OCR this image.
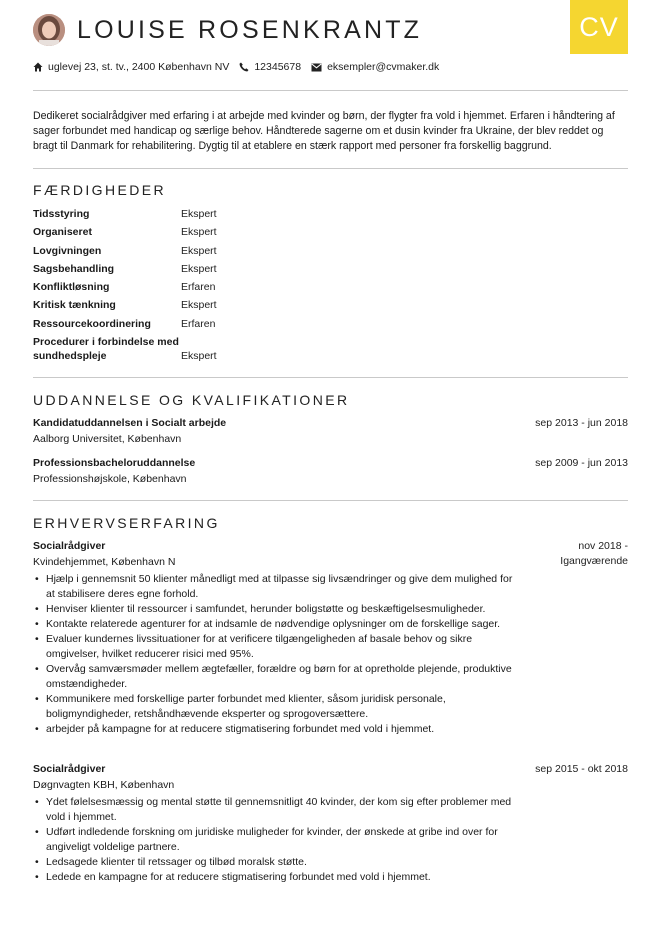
CV
LOUISE ROSENKRANTZ
uglevej 23, st. tv., 2400 København NV 12345678 eksempler@cvmaker.dk

Dedikeret socialrådgiver med erfaring i at arbejde med kvinder og børn, der flygter fra vold i hjemmet. Erfaren i håndtering af sager forbundet med handicap og særlige behov. Håndterede sagerne om et dusin kvinder fra Ukraine, der blev reddet og bragt til Danmark for rehabilitering. Dygtig til at etablere en stærk rapport med personer fra forskellig baggrund.

FÆRDIGHEDER
Tidsstyring	Ekspert
Organiseret	Ekspert
Lovgivningen	Ekspert
Sagsbehandling	Ekspert
Konfliktløsning	Erfaren
Kritisk tænkning	Ekspert
Ressourcekoordinering	Erfaren
Procedurer i forbindelse med sundhedspleje	Ekspert
UDDANNELSE OG KVALIFIKATIONER
Kandidatuddannelsen i Socialt arbejde	sep 2013 - jun 2018
Aalborg Universitet, København
Professionsbacheloruddannelse	sep 2009 - jun 2013
Professionshøjskole, København
ERHVERVSERFARING
Socialrådgiver	nov 2018 -
Igangværende
Kvindehjemmet, København N
• Hjælp i gennemsnit 50 klienter månedligt med at tilpasse sig livsændringer og give dem mulighed for at stabilisere deres egne forhold.
• Henviser klienter til ressourcer i samfundet, herunder boligstøtte og beskæftigelsesmuligheder.
• Kontakte relaterede agenturer for at indsamle de nødvendige oplysninger om de forskellige sager.
• Evaluer kundernes livssituationer for at verificere tilgængeligheden af basale behov og sikre omgivelser, hvilket reducerer risici med 95%.
• Overvåg samværsmøder mellem ægtefæller, forældre og børn for at opretholde plejende, produktive omstændigheder.
• Kommunikere med forskellige parter forbundet med klienter, såsom juridisk personale, boligmyndigheder, retshåndhævende eksperter og sprogoversættere.
• arbejder på kampagne for at reducere stigmatisering forbundet med vold i hjemmet.
Socialrådgiver	sep 2015 - okt 2018
Døgnvagten KBH, København
• Ydet følelsesmæssig og mental støtte til gennemsnitligt 40 kvinder, der kom sig efter problemer med vold i hjemmet.
• Udført indledende forskning om juridiske muligheder for kvinder, der ønskede at gribe ind over for angiveligt voldelige partnere.
• Ledsagede klienter til retssager og tilbød moralsk støtte.
• Ledede en kampagne for at reducere stigmatisering forbundet med vold i hjemmet.
